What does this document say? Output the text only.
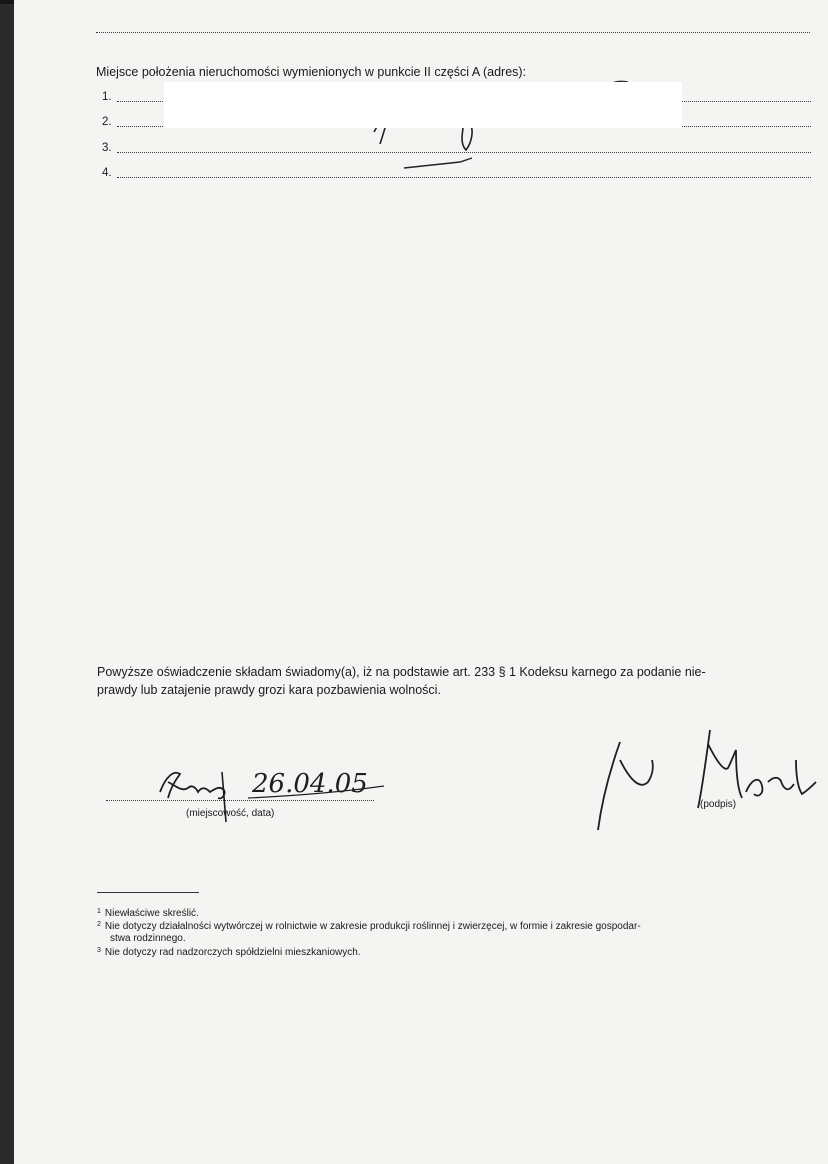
Miejsce położenia nieruchomości wymienionych w punkcie II części A (adres):
1.
2.
3.
4.
Powyższe oświadczenie składam świadomy(a), iż na podstawie art. 233 § 1 Kodeksu karnego za podanie nie-
prawdy lub zatajenie prawdy grozi kara pozbawienia wolności.
(miejscowość, data)
26.04.05
(podpis)
$^1$ Niewłaściwe skreślić.
$^2$ Nie dotyczy działalności wytwórczej w rolnictwie w zakresie produkcji roślinnej i zwierzęcej, w formie i zakresie gospodar-
stwa rodzinnego.
$^3$ Nie dotyczy rad nadzorczych spółdzielni mieszkaniowych.
